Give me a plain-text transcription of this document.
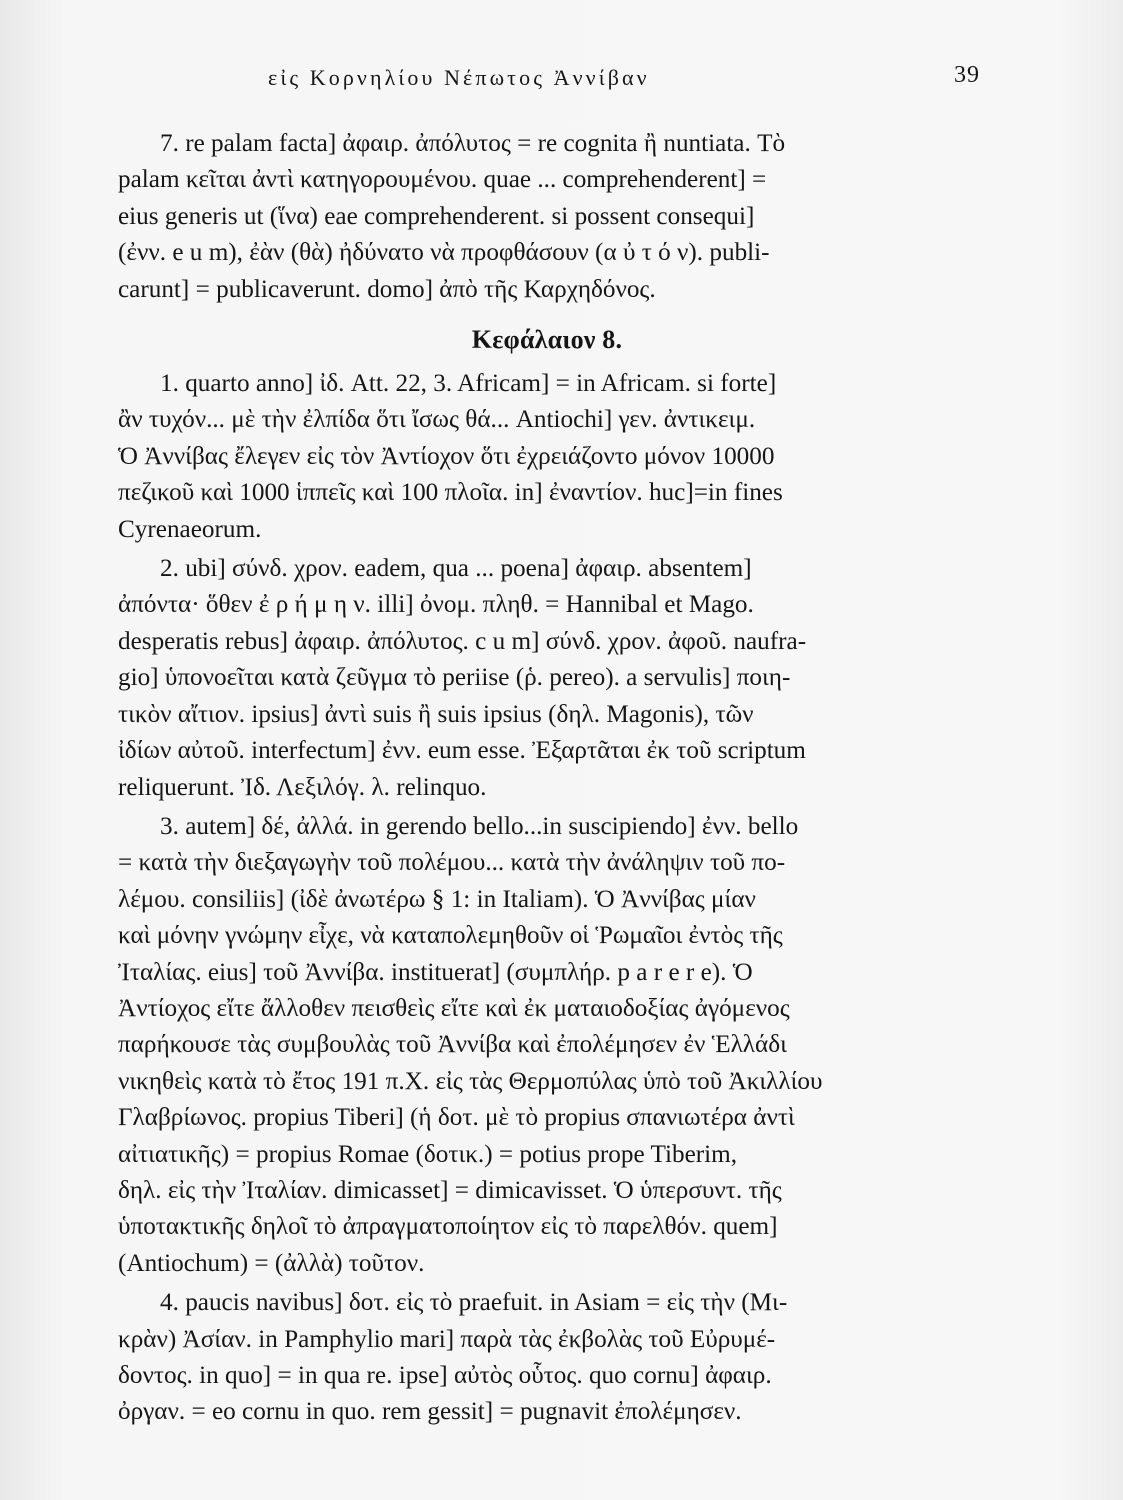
εἰς Κορνηλίου Νέπωτος Ἀννίβαν	39
7. re palam facta] ἀφαιρ. ἀπόλυτος = re cognita ἢ nuntiata. Τὸ
palam κεῖται ἀντὶ κατηγορουμένου. quae ... comprehenderent] =
eius generis ut (ἵνα) eae comprehenderent. si possent consequi]
(ἐνν. e u m), ἐὰν (θὰ) ἠδύνατο νὰ προφθάσουν (α ὐ τ ό ν). publi-
carunt] = publicaverunt. domo] ἀπὸ τῆς Καρχηδόνος.
Κεφάλαιον 8.
1. quarto anno] ἰδ. Att. 22, 3. Africam] = in Africam. si forte]
ἂν τυχόν... μὲ τὴν ἐλπίδα ὅτι ἴσως θά... Antiochi] γεν. ἀντικειμ.
Ὁ Ἀννίβας ἔλεγεν εἰς τὸν Ἀντίοχον ὅτι ἐχρειάζοντο μόνον 10000
πεζικοῦ καὶ 1000 ἱππεῖς καὶ 100 πλοῖα. in] ἐναντίον. huc]=in fines
Cyrenaeorum.
2. ubi] σύνδ. χρον. eadem, qua ... poena] ἀφαιρ. absentem]
ἀπόντα· ὅθεν ἐ ρ ή μ η ν. illi] ὀνομ. πληθ. = Hannibal et Mago.
desperatis rebus] ἀφαιρ. ἀπόλυτος. c u m] σύνδ. χρον. ἀφοῦ. naufra-
gio] ὑπονοεῖται κατὰ ζεῦγμα τὸ periise (ῥ. pereo). a servulis] ποιη-
τικὸν αἴτιον. ipsius] ἀντὶ suis ἢ suis ipsius (δηλ. Magonis), τῶν
ἰδίων αὐτοῦ. interfectum] ἐνν. eum esse. Ἐξαρτᾶται ἐκ τοῦ scriptum
reliquerunt. Ἰδ. Λεξιλόγ. λ. relinquo.
3. autem] δέ, ἀλλά. in gerendo bello...in suscipiendo] ἐνν. bello
= κατὰ τὴν διεξαγωγὴν τοῦ πολέμου... κατὰ τὴν ἀνάληψιν τοῦ πο-
λέμου. consiliis] (ἰδὲ ἀνωτέρω § 1: in Italiam). Ὁ Ἀννίβας μίαν
καὶ μόνην γνώμην εἶχε, νὰ καταπολεμηθοῦν οἱ Ῥωμαῖοι ἐντὸς τῆς
Ἰταλίας. eius] τοῦ Ἀννίβα. instituerat] (συμπλήρ. p a r e r e). Ὁ
Ἀντίοχος εἴτε ἄλλοθεν πεισθεὶς εἴτε καὶ ἐκ ματαιοδοξίας ἀγόμενος
παρήκουσε τὰς συμβουλὰς τοῦ Ἀννίβα καὶ ἐπολέμησεν ἐν Ἑλλάδι
νικηθεὶς κατὰ τὸ ἔτος 191 π.Χ. εἰς τὰς Θερμοπύλας ὑπὸ τοῦ Ἀκιλλίου
Γλαβρίωνος. propius Tiberi] (ἡ δοτ. μὲ τὸ propius σπανιωτέρα ἀντὶ
αἰτιατικῆς) = propius Romae (δοτικ.) = potius prope Tiberim,
δηλ. εἰς τὴν Ἰταλίαν. dimicasset] = dimicavisset. Ὁ ὑπερσυντ. τῆς
ὑποτακτικῆς δηλοῖ τὸ ἀπραγματοποίητον εἰς τὸ παρελθόν. quem]
(Antiochum) = (ἀλλὰ) τοῦτον.
4. paucis navibus] δοτ. εἰς τὸ praefuit. in Asiam = εἰς τὴν (Μι-
κρὰν) Ἀσίαν. in Pamphylio mari] παρὰ τὰς ἐκβολὰς τοῦ Εὐρυμέ-
δοντος. in quo] = in qua re. ipse] αὐτὸς οὗτος. quo cornu] ἀφαιρ.
ὀργαν. = eo cornu in quo. rem gessit] = pugnavit ἐπολέμησεν.
